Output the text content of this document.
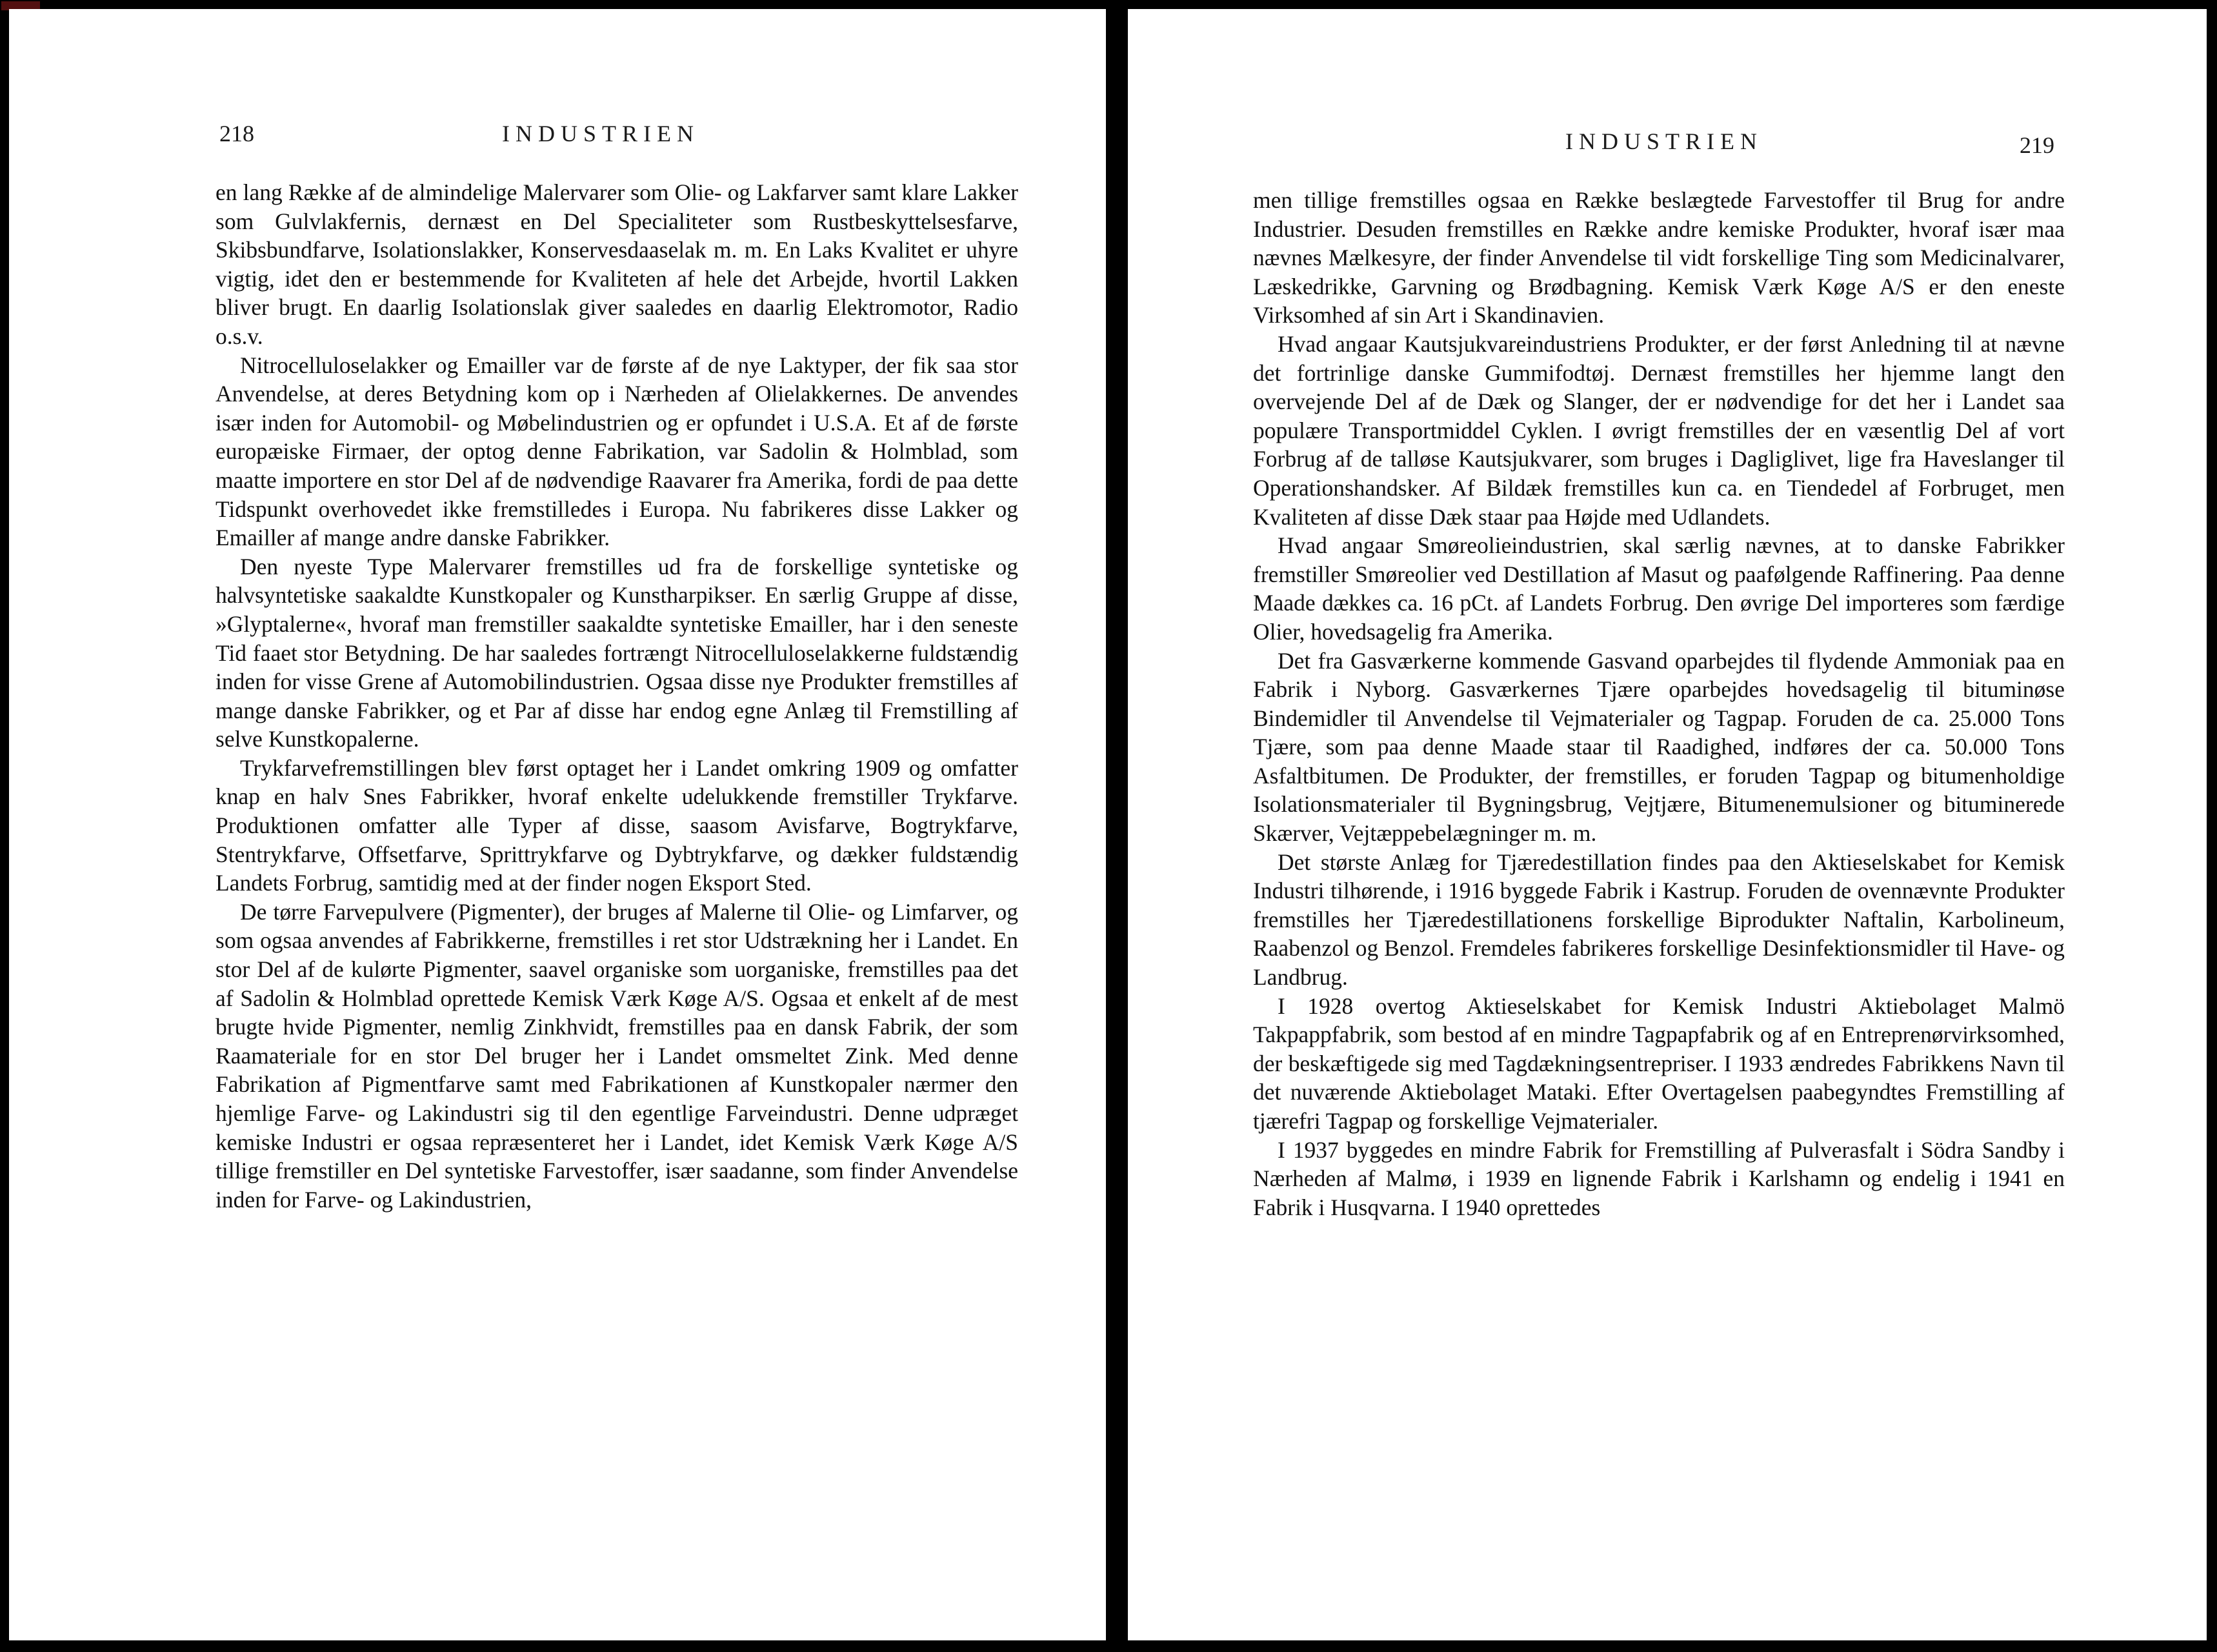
218	INDUSTRIEN

en lang Række af de almindelige Malervarer som Olie- og Lakfarver samt klare Lakker som Gulvlakfernis, dernæst en Del Specialiteter som Rustbeskyttelsesfarve, Skibsbundfarve, Isolationslakker, Konservesdaaselak m. m. En Laks Kvalitet er uhyre vigtig, idet den er bestemmende for Kvaliteten af hele det Arbejde, hvortil Lakken bliver brugt. En daarlig Isolationslak giver saaledes en daarlig Elektromotor, Radio o.s.v.

Nitrocelluloselakker og Emailler var de første af de nye Laktyper, der fik saa stor Anvendelse, at deres Betydning kom op i Nærheden af Olielakkernes. De anvendes især inden for Automobil- og Møbelindustrien og er opfundet i U.S.A. Et af de første europæiske Firmaer, der optog denne Fabrikation, var Sadolin & Holmblad, som maatte importere en stor Del af de nødvendige Raavarer fra Amerika, fordi de paa dette Tidspunkt overhovedet ikke fremstilledes i Europa. Nu fabrikeres disse Lakker og Emailler af mange andre danske Fabrikker.

Den nyeste Type Malervarer fremstilles ud fra de forskellige syntetiske og halvsyntetiske saakaldte Kunstkopaler og Kunstharpikser. En særlig Gruppe af disse, »Glyptalerne«, hvoraf man fremstiller saakaldte syntetiske Emailler, har i den seneste Tid faaet stor Betydning. De har saaledes fortrængt Nitrocelluloselakkerne fuldstændig inden for visse Grene af Automobilindustrien. Ogsaa disse nye Produkter fremstilles af mange danske Fabrikker, og et Par af disse har endog egne Anlæg til Fremstilling af selve Kunstkopalerne.

Trykfarvefremstillingen blev først optaget her i Landet omkring 1909 og omfatter knap en halv Snes Fabrikker, hvoraf enkelte udelukkende fremstiller Trykfarve. Produktionen omfatter alle Typer af disse, saasom Avisfarve, Bogtrykfarve, Stentrykfarve, Offsetfarve, Sprittrykfarve og Dybtrykfarve, og dækker fuldstændig Landets Forbrug, samtidig med at der finder nogen Eksport Sted.

De tørre Farvepulvere (Pigmenter), der bruges af Malerne til Olie- og Limfarver, og som ogsaa anvendes af Fabrikkerne, fremstilles i ret stor Udstrækning her i Landet. En stor Del af de kulørte Pigmenter, saavel organiske som uorganiske, fremstilles paa det af Sadolin & Holmblad oprettede Kemisk Værk Køge A/S. Ogsaa et enkelt af de mest brugte hvide Pigmenter, nemlig Zinkhvidt, fremstilles paa en dansk Fabrik, der som Raamateriale for en stor Del bruger her i Landet omsmeltet Zink. Med denne Fabrikation af Pigmentfarve samt med Fabrikationen af Kunstkopaler nærmer den hjemlige Farve- og Lakindustri sig til den egentlige Farveindustri. Denne udpræget kemiske Industri er ogsaa repræsenteret her i Landet, idet Kemisk Værk Køge A/S tillige fremstiller en Del syntetiske Farvestoffer, især saadanne, som finder Anvendelse inden for Farve- og Lakindustrien,

INDUSTRIEN	219

men tillige fremstilles ogsaa en Række beslægtede Farvestoffer til Brug for andre Industrier. Desuden fremstilles en Række andre kemiske Produkter, hvoraf især maa nævnes Mælkesyre, der finder Anvendelse til vidt forskellige Ting som Medicinalvarer, Læskedrikke, Garvning og Brødbagning. Kemisk Værk Køge A/S er den eneste Virksomhed af sin Art i Skandinavien.

Hvad angaar Kautsjukvareindustriens Produkter, er der først Anledning til at nævne det fortrinlige danske Gummifodtøj. Dernæst fremstilles her hjemme langt den overvejende Del af de Dæk og Slanger, der er nødvendige for det her i Landet saa populære Transportmiddel Cyklen. I øvrigt fremstilles der en væsentlig Del af vort Forbrug af de talløse Kautsjukvarer, som bruges i Dagliglivet, lige fra Haveslanger til Operationshandsker. Af Bildæk fremstilles kun ca. en Tiendedel af Forbruget, men Kvaliteten af disse Dæk staar paa Højde med Udlandets.

Hvad angaar Smøreolieindustrien, skal særlig nævnes, at to danske Fabrikker fremstiller Smøreolier ved Destillation af Masut og paafølgende Raffinering. Paa denne Maade dækkes ca. 16 pCt. af Landets Forbrug. Den øvrige Del importeres som færdige Olier, hovedsagelig fra Amerika.

Det fra Gasværkerne kommende Gasvand oparbejdes til flydende Ammoniak paa en Fabrik i Nyborg. Gasværkernes Tjære oparbejdes hovedsagelig til bituminøse Bindemidler til Anvendelse til Vejmaterialer og Tagpap. Foruden de ca. 25.000 Tons Tjære, som paa denne Maade staar til Raadighed, indføres der ca. 50.000 Tons Asfaltbitumen. De Produkter, der fremstilles, er foruden Tagpap og bitumenholdige Isolationsmaterialer til Bygningsbrug, Vejtjære, Bitumenemulsioner og bituminerede Skærver, Vejtæppebelægninger m. m.

Det største Anlæg for Tjæredestillation findes paa den Aktieselskabet for Kemisk Industri tilhørende, i 1916 byggede Fabrik i Kastrup. Foruden de ovennævnte Produkter fremstilles her Tjæredestillationens forskellige Biprodukter Naftalin, Karbolineum, Raabenzol og Benzol. Fremdeles fabrikeres forskellige Desinfektionsmidler til Have- og Landbrug.

I 1928 overtog Aktieselskabet for Kemisk Industri Aktiebolaget Malmö Takpappfabrik, som bestod af en mindre Tagpapfabrik og af en Entreprenørvirksomhed, der beskæftigede sig med Tagdækningsentrepriser. I 1933 ændredes Fabrikkens Navn til det nuværende Aktiebolaget Mataki. Efter Overtagelsen paabegyndtes Fremstilling af tjærefri Tagpap og forskellige Vejmaterialer.

I 1937 byggedes en mindre Fabrik for Fremstilling af Pulverasfalt i Södra Sandby i Nærheden af Malmø, i 1939 en lignende Fabrik i Karlshamn og endelig i 1941 en Fabrik i Husqvarna. I 1940 oprettedes
